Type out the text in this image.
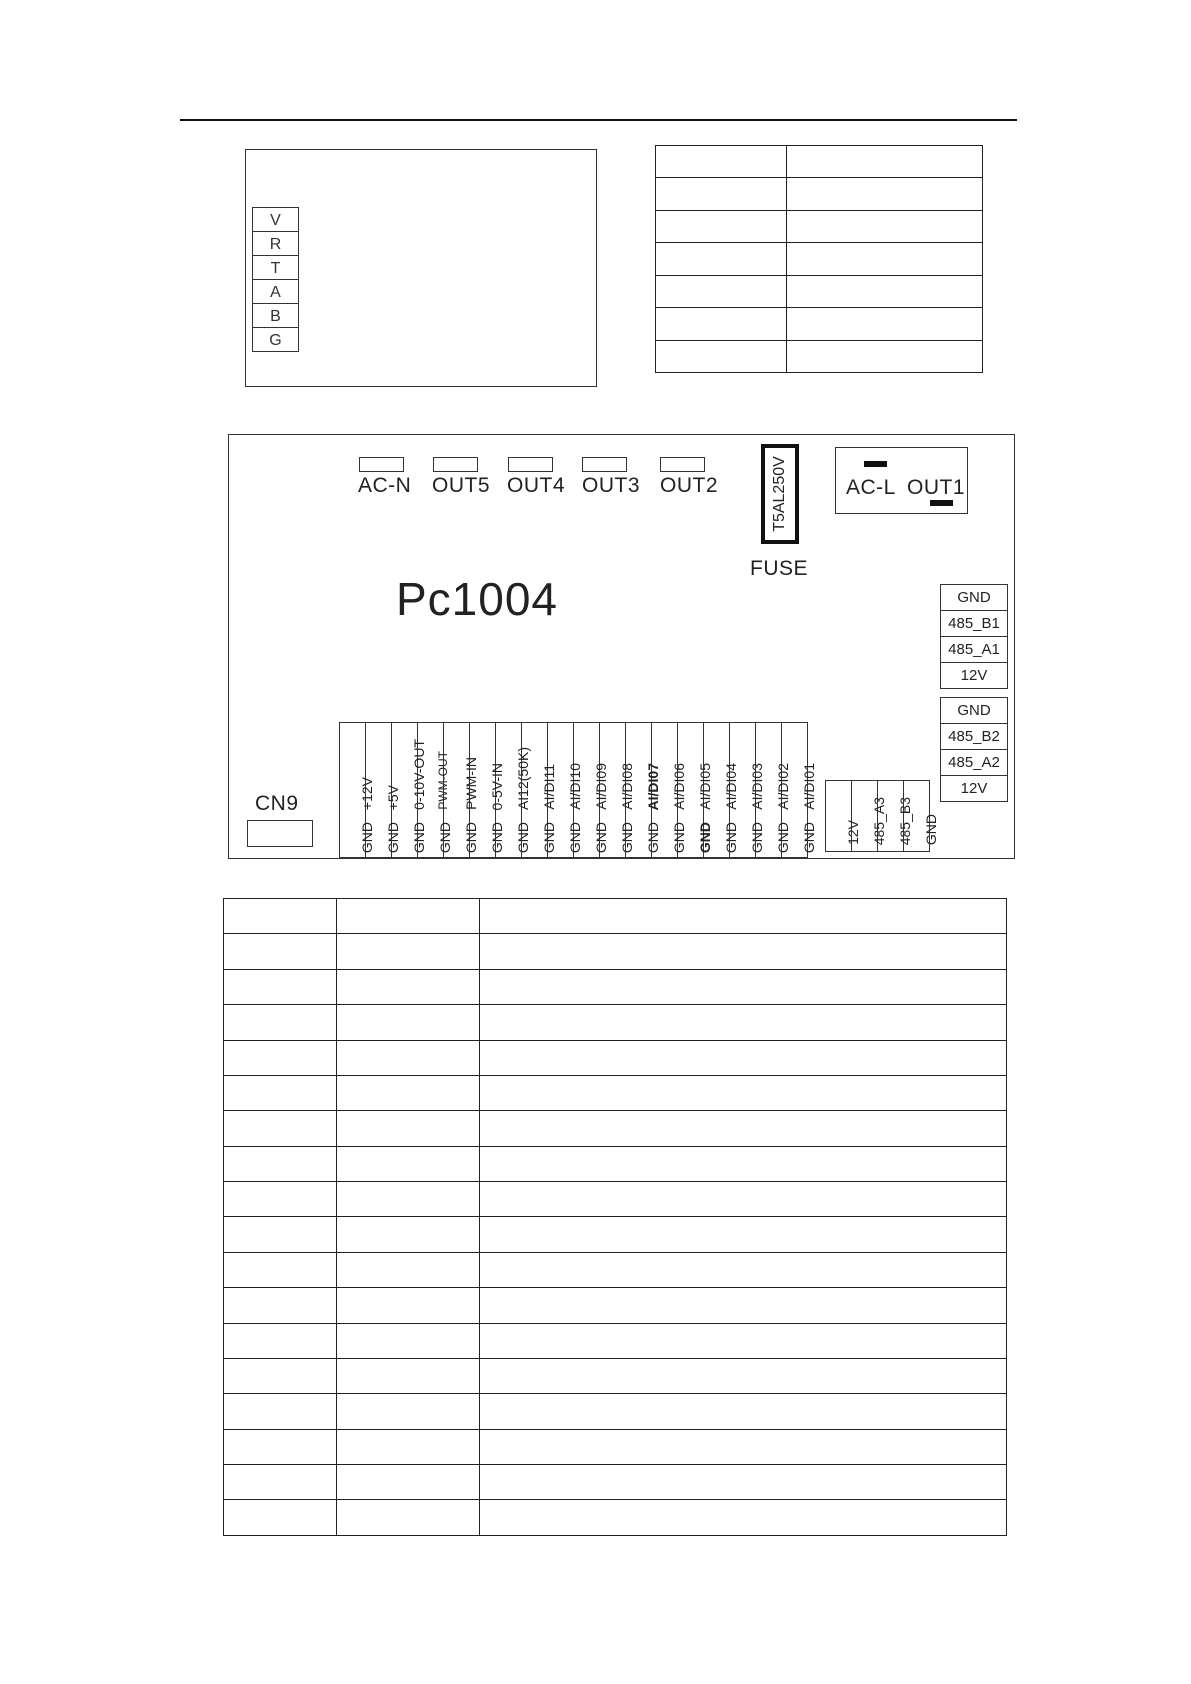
V
R
T
A
B
G

AC-N OUT5 OUT4 OUT3 OUT2	T5AL250V
FUSE
AC-L OUT1
Pc1004	GND
485_B1
485_A1
12V
GND
485_B2
485_A2
12V
CN9	+12V
GND
+5V
GND
0-10V-OUT
GND
PWM-OUT
GND
PWM-IN
GND
0-5V-IN
GND
AI12(50K)
GND
AI/DI11
GND
AI/DI10
GND
AI/DI09
GND
AI/DI08
GND
AI/DI07
GND
AI/DI06
GND
AI/DI05
GND
AI/DI04
GND
AI/DI03
GND
AI/DI02
GND
AI/DI01
GND 12V 485_A3 485_B3 GND
